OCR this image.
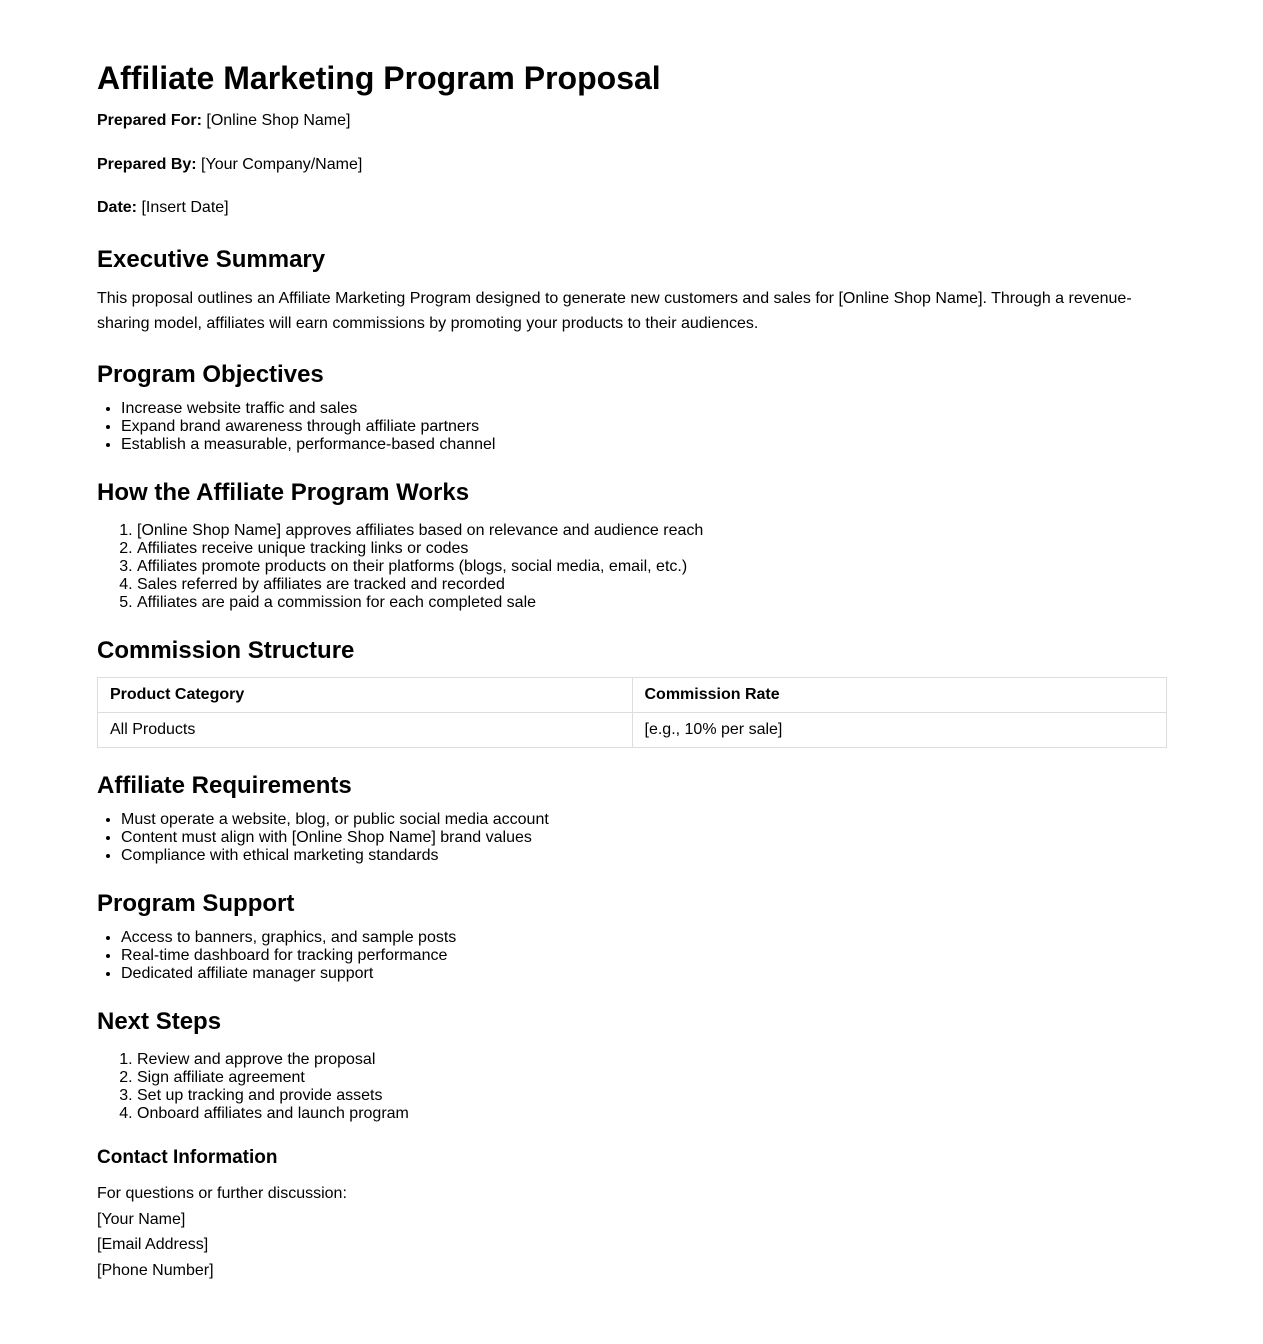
Affiliate Marketing Program Proposal
Prepared For: [Online Shop Name]
Prepared By: [Your Company/Name]
Date: [Insert Date]
Executive Summary

This proposal outlines an Affiliate Marketing Program designed to generate new customers and sales for [Online Shop Name]. Through a revenue-sharing model, affiliates will earn commissions by promoting your products to their audiences.

Program Objectives
• Increase website traffic and sales
• Expand brand awareness through affiliate partners
• Establish a measurable, performance-based channel
How the Affiliate Program Works
1. [Online Shop Name] approves affiliates based on relevance and audience reach
2. Affiliates receive unique tracking links or codes
3. Affiliates promote products on their platforms (blogs, social media, email, etc.)
4. Sales referred by affiliates are tracked and recorded
5. Affiliates are paid a commission for each completed sale
Commission Structure
Product Category	Commission Rate
All Products	[e.g., 10% per sale]
Affiliate Requirements
• Must operate a website, blog, or public social media account
• Content must align with [Online Shop Name] brand values
• Compliance with ethical marketing standards
Program Support
• Access to banners, graphics, and sample posts
• Real-time dashboard for tracking performance
• Dedicated affiliate manager support
Next Steps
1. Review and approve the proposal
2. Sign affiliate agreement
3. Set up tracking and provide assets
4. Onboard affiliates and launch program
Contact Information
For questions or further discussion:
[Your Name]
[Email Address]
[Phone Number]
